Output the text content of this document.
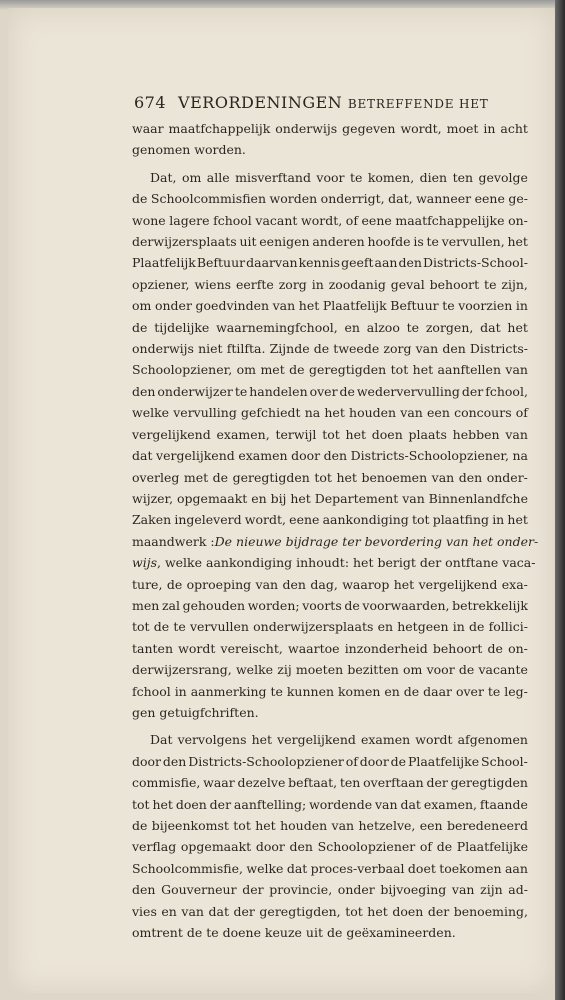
674 VERORDENINGEN BETREFFENDE HET
waar maatfchappelijk onderwijs gegeven wordt, moet in acht
genomen worden.
Dat, om alle misverftand voor te komen, dien ten gevolge
de Schoolcommisfien worden onderrigt, dat, wanneer eene ge-
wone lagere fchool vacant wordt, of eene maatfchappelijke on-
derwijzersplaats uit eenigen anderen hoofde is te vervullen, het
Plaatfelijk Beftuur daarvan kennis geeft aan den Districts-School-
opziener, wiens eerfte zorg in zoodanig geval behoort te zijn,
om onder goedvinden van het Plaatfelijk Beftuur te voorzien in
de tijdelijke waarnemingfchool, en alzoo te zorgen, dat het
onderwijs niet ftilfta. Zijnde de tweede zorg van den Districts-
Schoolopziener, om met de geregtigden tot het aanftellen van
den onderwijzer te handelen over de wedervervulling der fchool,
welke vervulling gefchiedt na het houden van een concours of
vergelijkend examen, terwijl tot het doen plaats hebben van
dat vergelijkend examen door den Districts-Schoolopziener, na
overleg met de geregtigden tot het benoemen van den onder-
wijzer, opgemaakt en bij het Departement van Binnenlandfche
Zaken ingeleverd wordt, eene aankondiging tot plaatfing in het
maandwerk : De nieuwe bijdrage ter bevordering van het onder-
wijs , welke aankondiging inhoudt: het berigt der ontftane vaca-
ture, de oproeping van den dag, waarop het vergelijkend exa-
men zal gehouden worden; voorts de voorwaarden, betrekkelijk
tot de te vervullen onderwijzersplaats en hetgeen in de follici-
tanten wordt vereischt, waartoe inzonderheid behoort de on-
derwijzersrang, welke zij moeten bezitten om voor de vacante
fchool in aanmerking te kunnen komen en de daar over te leg-
gen getuigfchriften.
Dat vervolgens het vergelijkend examen wordt afgenomen
door den Districts-Schoolopziener of door de Plaatfelijke School-
commisfie, waar dezelve beftaat, ten overftaan der geregtigden
tot het doen der aanftelling; wordende van dat examen, ftaande
de bijeenkomst tot het houden van hetzelve, een beredeneerd
verflag opgemaakt door den Schoolopziener of de Plaatfelijke
Schoolcommisfie, welke dat proces-verbaal doet toekomen aan
den Gouverneur der provincie, onder bijvoeging van zijn ad-
vies en van dat der geregtigden, tot het doen der benoeming,
omtrent de te doene keuze uit de geëxamineerden.
